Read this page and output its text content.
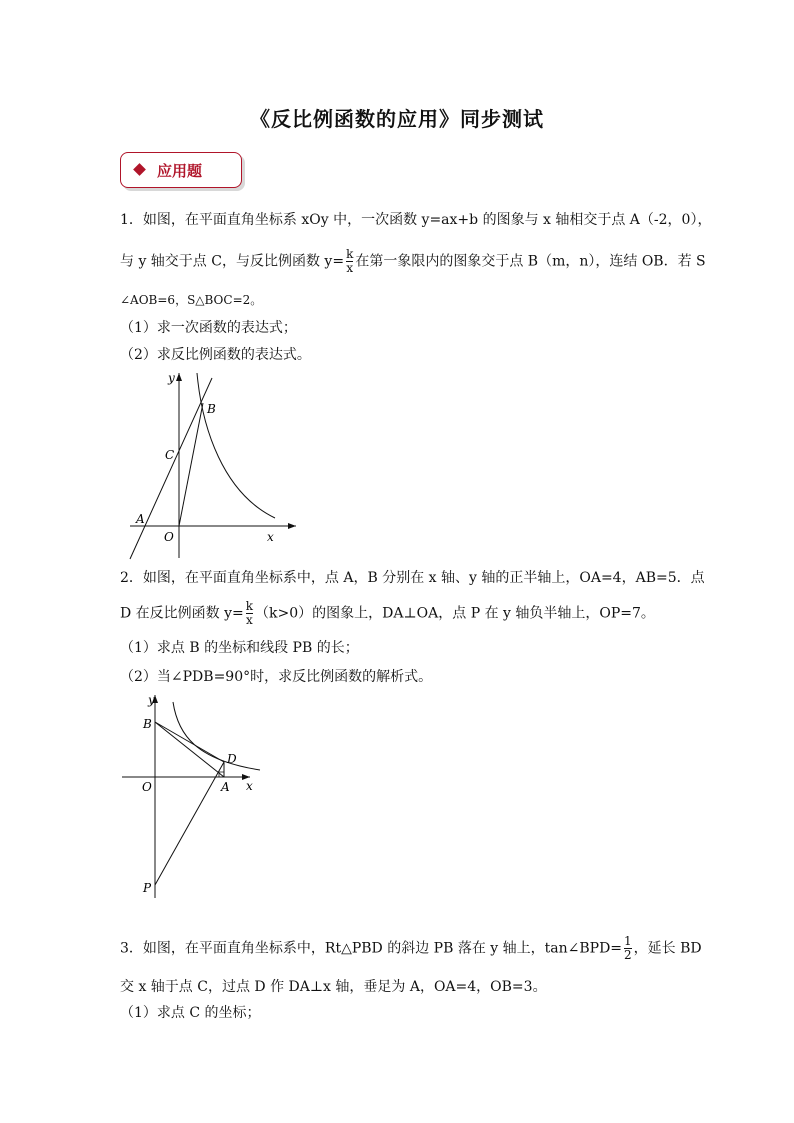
《反比例函数的应用》同步测试
应用题
1．如图，在平面直角坐标系 xOy 中，一次函数 y=ax+b 的图象与 x 轴相交于点 A（-2，0），
与 y 轴交于点 C，与反比例函数 $y= \frac{k}{x}$ 在第一象限内的图象交于点 B（m，n），连结 OB．若 S
∠AOB=6，S△BOC=2。
（1）求一次函数的表达式；
（2）求反比例函数的表达式。
y
x
O
A
B
C
2．如图，在平面直角坐标系中，点 A，B 分别在 x 轴、y 轴的正半轴上，OA=4，AB=5．点
D 在反比例函数 $y= \frac{k}{x} (k>0)$的图象上，DA⊥OA，点 P 在 y 轴负半轴上，OP=7。
（1）求点 B 的坐标和线段 PB 的长；
（2）当∠PDB=90°时，求反比例函数的解析式。
y
x
O	A
B
D
P
3．如图，在平面直角坐标系中，Rt△PBD 的斜边 PB 落在 y 轴上，tan∠BPD= $\frac{1}{2}$ ，延长 BD
交 x 轴于点 C，过点 D 作 DA⊥x 轴，垂足为 A，OA=4，OB=3。
（1）求点 C 的坐标；
